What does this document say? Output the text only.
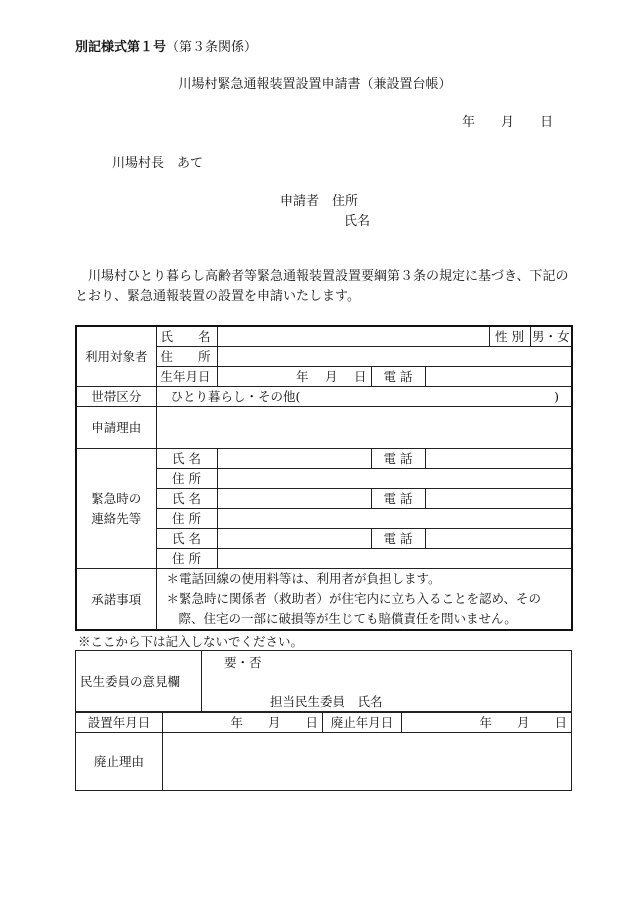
別記様式第１号（第３条関係）
川場村緊急通報装置設置申請書（兼設置台帳）
年　　 月　　 日
川場村長　あて
申請者　 住所
氏名
川場村ひとり暮らし高齢者等緊急通報装置設置要綱第３条の規定に基づき、下記のとおり、緊急通報装置の設置を申請いたします。
利用対象者	氏　　名				性 別 男・女

	住　　所				
	生年月日	年　 月　 日	電 話		
世帯区分	ひとり暮らし・その他( )				

申請理由					

緊急時の
連絡先等	氏 名		電 話		
	住 所				
	氏 名		電 話		
	住 所				
	氏 名		電 話		
	住 所				
承諾事項	＊電話回線の使用料等は、利用者が負担します。
＊緊急時に関係者（救助者）が住宅内に立ち入ることを認め、その
際、住宅の一部に破損等が生じても賠償責任を問いません。				
※ここから下は記入しないでください。
民生委員の意見欄	
要・否
担当民生委員　氏名
設置年月日	年　　月　　日	廃止年月日	年　　月　　日
廃止理由			
